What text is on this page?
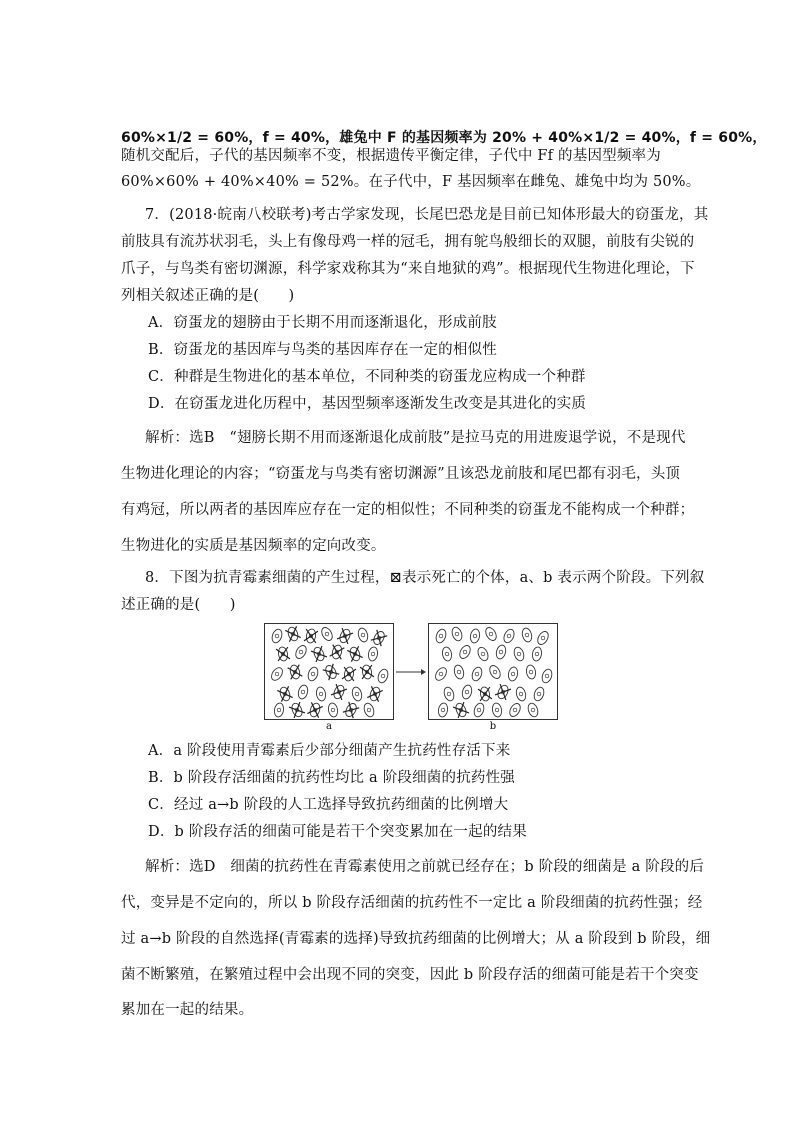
60%×1/2 = 60%，f = 40%，雄兔中 F 的基因频率为 20% + 40%×1/2 = 40%，f = 60%，
随机交配后，子代的基因频率不变，根据遗传平衡定律，子代中 Ff 的基因型频率为
60%×60% + 40%×40% = 52%。在子代中，F 基因频率在雌兔、雄兔中均为 50%。
7．(2018·皖南八校联考)考古学家发现，长尾巴恐龙是目前已知体形最大的窃蛋龙，其
前肢具有流苏状羽毛，头上有像母鸡一样的冠毛，拥有鸵鸟般细长的双腿，前肢有尖锐的
爪子，与鸟类有密切渊源，科学家戏称其为“来自地狱的鸡”。根据现代生物进化理论，下
列相关叙述正确的是(　　)
A．窃蛋龙的翅膀由于长期不用而逐渐退化，形成前肢
B．窃蛋龙的基因库与鸟类的基因库存在一定的相似性
C．种群是生物进化的基本单位，不同种类的窃蛋龙应构成一个种群
D．在窃蛋龙进化历程中，基因型频率逐渐发生改变是其进化的实质
解析：选B　“翅膀长期不用而逐渐退化成前肢”是拉马克的用进废退学说，不是现代
生物进化理论的内容；“窃蛋龙与鸟类有密切渊源”且该恐龙前肢和尾巴都有羽毛，头顶
有鸡冠，所以两者的基因库应存在一定的相似性；不同种类的窃蛋龙不能构成一个种群；
生物进化的实质是基因频率的定向改变。
8．下图为抗青霉素细菌的产生过程，⊠表示死亡的个体，a、b 表示两个阶段。下列叙
述正确的是(　　)
a	b
A．a 阶段使用青霉素后少部分细菌产生抗药性存活下来
B．b 阶段存活细菌的抗药性均比 a 阶段细菌的抗药性强
C．经过 a→b 阶段的人工选择导致抗药细菌的比例增大
D．b 阶段存活的细菌可能是若干个突变累加在一起的结果
解析：选D　细菌的抗药性在青霉素使用之前就已经存在；b 阶段的细菌是 a 阶段的后
代，变异是不定向的，所以 b 阶段存活细菌的抗药性不一定比 a 阶段细菌的抗药性强；经
过 a→b 阶段的自然选择(青霉素的选择)导致抗药细菌的比例增大；从 a 阶段到 b 阶段，细
菌不断繁殖，在繁殖过程中会出现不同的突变，因此 b 阶段存活的细菌可能是若干个突变
累加在一起的结果。
